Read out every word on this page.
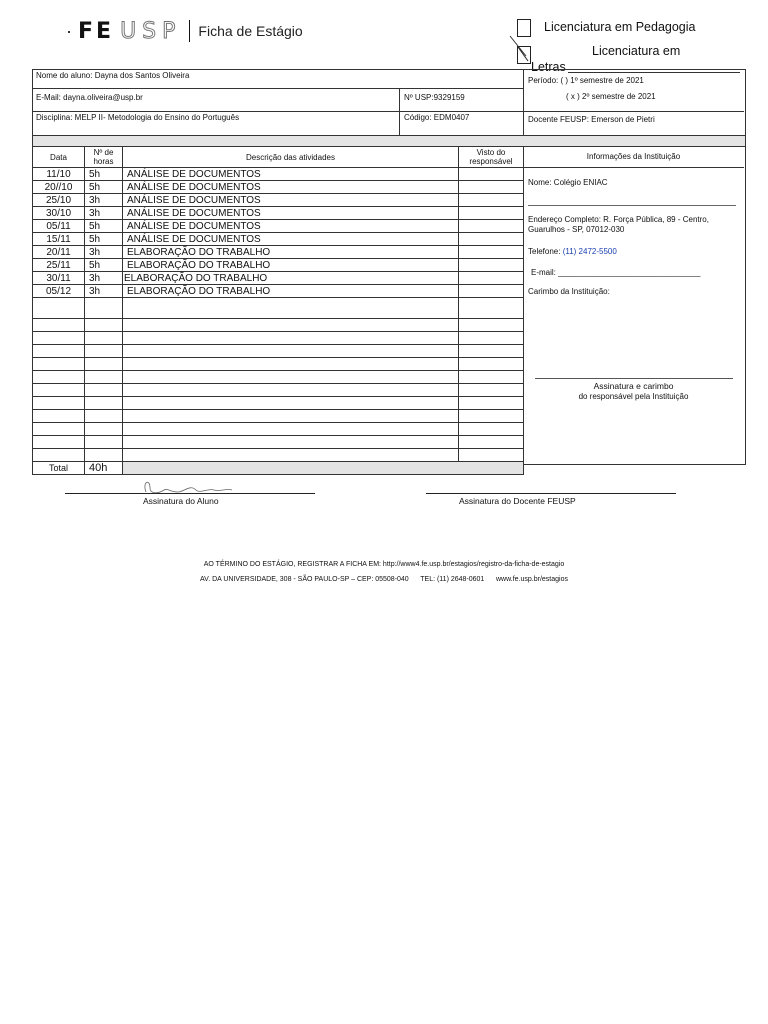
· FE USP Ficha de Estágio	Licenciatura em Pedagogia
Licenciatura em
Letras
Nome do aluno: Dayna dos Santos Oliveira
E-Mail: dayna.oliveira@usp.br	Nº USP:9329159
Disciplina: MELP II- Metodologia do Ensino do Português	Código: EDM0407
Período: ( ) 1º semestre de 2021
( x ) 2º semestre de 2021
Docente FEUSP: Emerson de Pietri
Data	Nº de horas	Descrição das atividades	Visto do responsável
11/10	5h	ANÁLISE DE DOCUMENTOS	
20//10	5h	ANÁLISE DE DOCUMENTOS	
25/10	3h	ANÁLISE DE DOCUMENTOS	
30/10	3h	ANÁLISE DE DOCUMENTOS	
05/11	5h	ANÁLISE DE DOCUMENTOS	
15/11	5h	ANÁLISE DE DOCUMENTOS	
20/11	3h	ELABORAÇÃO DO TRABALHO	
25/11	5h	ELABORAÇÃO DO TRABALHO	
30/11	3h	ELABORAÇÃO DO TRABALHO	
05/12	3h	ELABORAÇÃO DO TRABALHO	

Total	40h		
Informações da Instituição
Nome: Colégio ENIAC
Endereço Completo: R. Força Pública, 89 - Centro, Guarulhos - SP, 07012-030
Telefone: (11) 2472-5500
E-mail: ________________________________
Carimbo da Instituição:
Assinatura e carimbo
do responsável pela Instituição
Assinatura do Aluno	Assinatura do Docente FEUSP
AO TÉRMINO DO ESTÁGIO, REGISTRAR A FICHA EM: http://www4.fe.usp.br/estagios/registro-da-ficha-de-estagio
AV. DA UNIVERSIDADE, 308 - SÃO PAULO-SP – CEP: 05508-040      TEL: (11) 2648-0601      www.fe.usp.br/estagios
